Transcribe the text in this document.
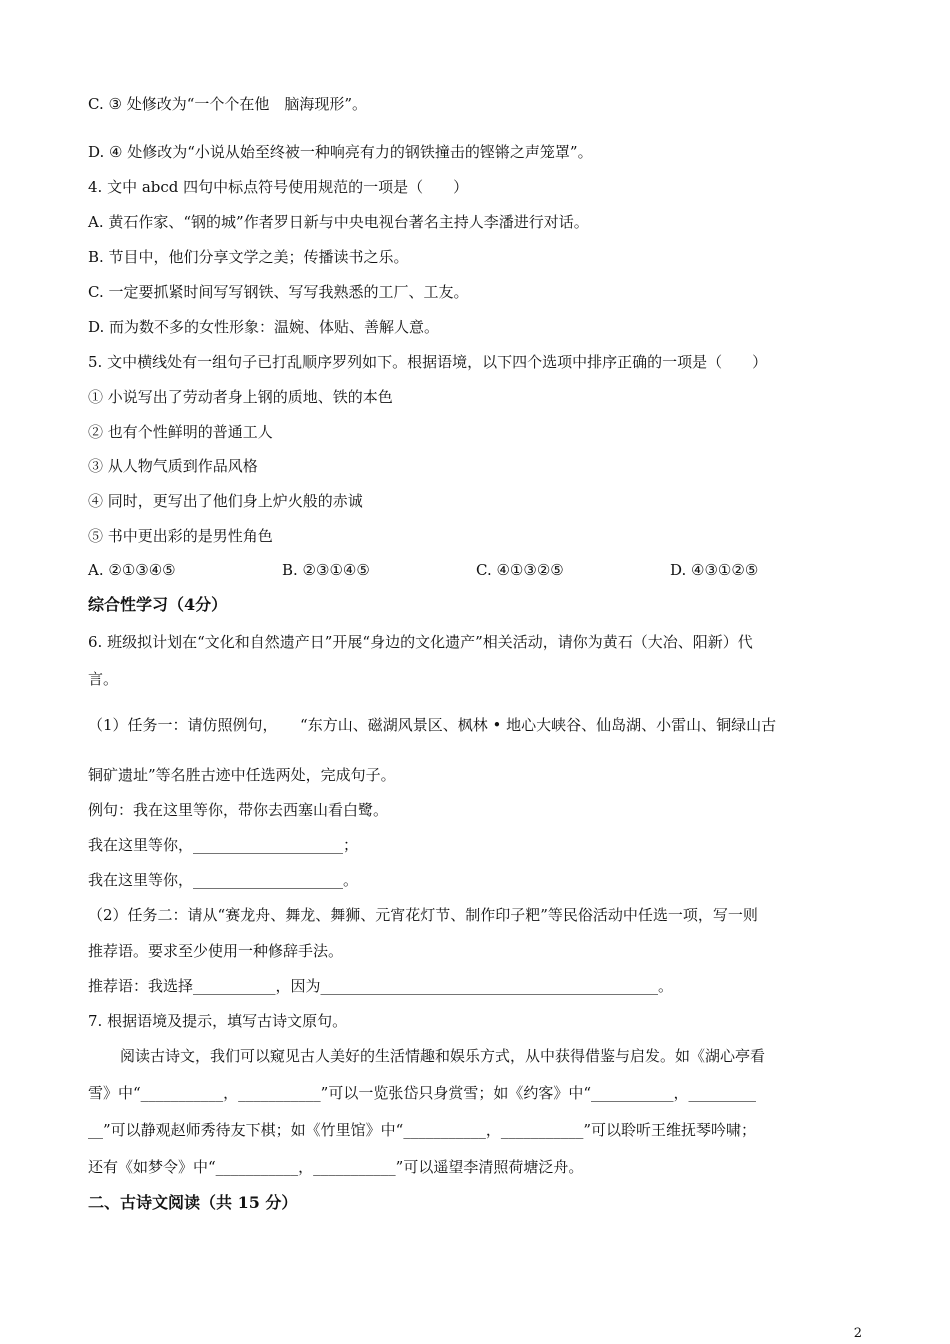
C. ③ 处修改为“一个个在他　脑海现形”。
D. ④ 处修改为“小说从始至终被一种响亮有力的钢铁撞击的铿锵之声笼罩”。
4. 文中 abcd 四句中标点符号使用规范的一项是（　　）
A. 黄石作家、“钢的城”作者罗日新与中央电视台著名主持人李潘进行对话。
B. 节目中，他们分享文学之美；传播读书之乐。
C. 一定要抓紧时间写写钢铁、写写我熟悉的工厂、工友。
D. 而为数不多的女性形象：温婉、体贴、善解人意。
5. 文中横线处有一组句子已打乱顺序罗列如下。根据语境，以下四个选项中排序正确的一项是（　　）
① 小说写出了劳动者身上钢的质地、铁的本色
② 也有个性鲜明的普通工人
③ 从人物气质到作品风格
④ 同时，更写出了他们身上炉火般的赤诚
⑤ 书中更出彩的是男性角色
A. ②①③④⑤	B. ②③①④⑤	C. ④①③②⑤	D. ④③①②⑤
综合性学习（4分）
6. 班级拟计划在“文化和自然遗产日”开展“身边的文化遗产”相关活动，请你为黄石（大冶、阳新）代
言。
（1）任务一：请仿照例句，　　“东方山、磁湖风景区、枫林 • 地心大峡谷、仙岛湖、小雷山、铜绿山古
铜矿遗址”等名胜古迹中任选两处，完成句子。
例句：我在这里等你，带你去西塞山看白鹭。
我在这里等你，____________________；
我在这里等你，____________________。
（2）任务二：请从“赛龙舟、舞龙、舞狮、元宵花灯节、制作印子粑”等民俗活动中任选一项，写一则
推荐语。要求至少使用一种修辞手法。
推荐语：我选择___________，因为_____________________________________________。
7. 根据语境及提示，填写古诗文原句。
阅读古诗文，我们可以窥见古人美好的生活情趣和娱乐方式，从中获得借鉴与启发。如《湖心亭看
雪》中“___________，___________”可以一览张岱只身赏雪；如《约客》中“___________，_________
__”可以静观赵师秀待友下棋；如《竹里馆》中“___________，___________”可以聆听王维抚琴吟啸；
还有《如梦令》中“___________，___________”可以遥望李清照荷塘泛舟。
二、古诗文阅读（共 15 分）
2
